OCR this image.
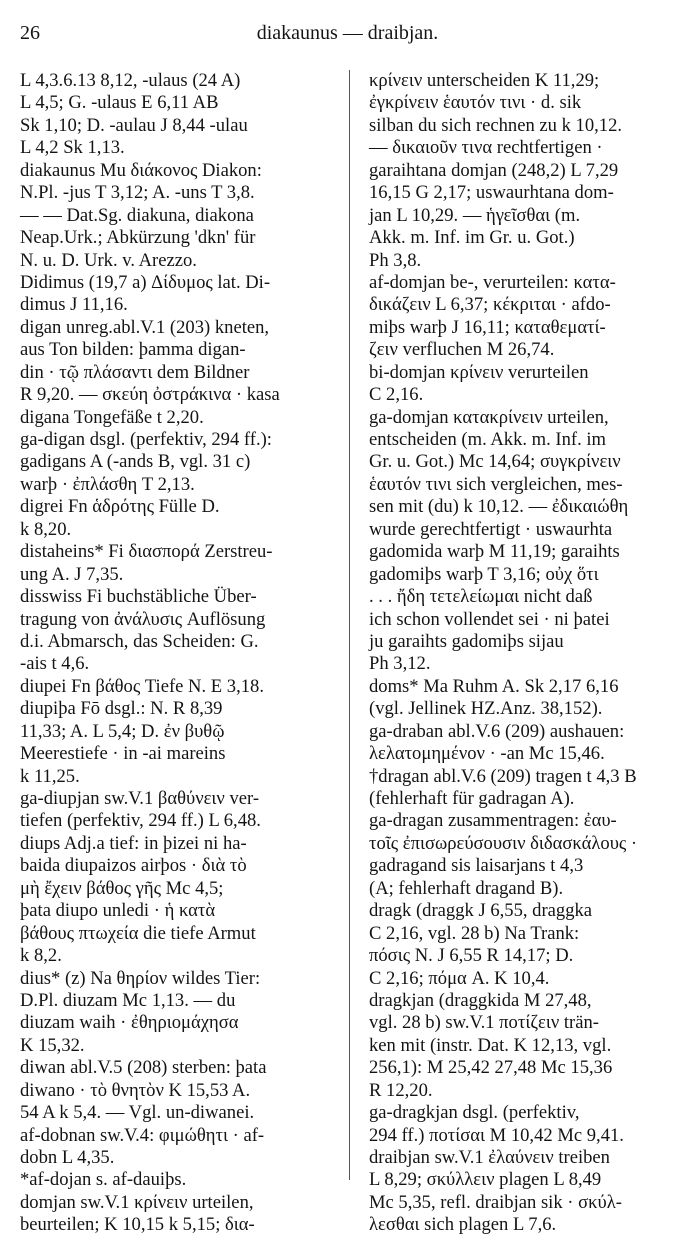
26	diakaunus — draibjan.
L 4,3.6.13 8,12, -ulaus (24 A)
L 4,5; G. -ulaus E 6,11 AB
Sk 1,10; D. -aulau J 8,44 -ulau
L 4,2 Sk 1,13.
diakaunus Mu διάκονος Diakon:
N.Pl. -jus T 3,12; A. -uns T 3,8.
— — Dat.Sg. diakuna, diakona
Neap.Urk.; Abkürzung 'dkn' für
N. u. D. Urk. v. Arezzo.
Didimus (19,7 a) Δίδυμος lat. Di-
dimus J 11,16.
digan unreg.abl.V.1 (203) kneten,
aus Ton bilden: þamma digan-
din · τῷ πλάσαντι dem Bildner
R 9,20. — σκεύη ὀστράκινα · kasa
digana Tongefäße t 2,20.
ga-digan dsgl. (perfektiv, 294 ff.):
gadigans A (-ands B, vgl. 31 c)
warþ · ἐπλάσθη T 2,13.
digrei Fn ἁδρότης Fülle D.
k 8,20.
distaheins* Fi διασπορά Zerstreu-
ung A. J 7,35.
disswiss Fi buchstäbliche Über-
tragung von ἀνάλυσις Auflösung
d.i. Abmarsch, das Scheiden: G.
-ais t 4,6.
diupei Fn βάθος Tiefe N. E 3,18.
diupiþa Fō dsgl.: N. R 8,39
11,33; A. L 5,4; D. ἐν βυθῷ
Meerestiefe · in -ai mareins
k 11,25.
ga-diupjan sw.V.1 βαθύνειν ver-
tiefen (perfektiv, 294 ff.) L 6,48.
diups Adj.a tief: in þizei ni ha-
baida diupaizos airþos · διὰ τὸ
μὴ ἔχειν βάθος γῆς Mc 4,5;
þata diupo unledi · ἡ κατὰ
βάθους πτωχεία die tiefe Armut
k 8,2.
dius* (z) Na θηρίον wildes Tier:
D.Pl. diuzam Mc 1,13. — du
diuzam waih · ἐθηριομάχησα
K 15,32.
diwan abl.V.5 (208) sterben: þata
diwano · τὸ θνητὸν K 15,53 A.
54 A k 5,4. — Vgl. un-diwanei.
af-dobnan sw.V.4: φιμώθητι · af-
dobn L 4,35.
*af-dojan s. af-dauiþs.
domjan sw.V.1 κρίνειν urteilen,
beurteilen; K 10,15 k 5,15; δια-
κρίνειν unterscheiden K 11,29;
ἐγκρίνειν ἑαυτόν τινι · d. sik
silban du sich rechnen zu k 10,12.
— δικαιοῦν τινα rechtfertigen ·
garaihtana domjan (248,2) L 7,29
16,15 G 2,17; uswaurhtana dom-
jan L 10,29. — ἡγεῖσθαι (m.
Akk. m. Inf. im Gr. u. Got.)
Ph 3,8.
af-domjan be-, verurteilen: κατα-
δικάζειν L 6,37; κέκριται · afdo-
miþs warþ J 16,11; καταθεματί-
ζειν verfluchen M 26,74.
bi-domjan κρίνειν verurteilen
C 2,16.
ga-domjan κατακρίνειν urteilen,
entscheiden (m. Akk. m. Inf. im
Gr. u. Got.) Mc 14,64; συγκρίνειν
ἑαυτόν τινι sich vergleichen, mes-
sen mit (du) k 10,12. — ἐδικαιώθη
wurde gerechtfertigt · uswaurhta
gadomida warþ M 11,19; garaihts
gadomiþs warþ T 3,16; οὐχ ὅτι
. . . ἤδη τετελείωμαι nicht daß
ich schon vollendet sei · ni þatei
ju garaihts gadomiþs sijau
Ph 3,12.
doms* Ma Ruhm A. Sk 2,17 6,16
(vgl. Jellinek HZ.Anz. 38,152).
ga-draban abl.V.6 (209) aushauen:
λελατομημένον · -an Mc 15,46.
†dragan abl.V.6 (209) tragen t 4,3 B
(fehlerhaft für gadragan A).
ga-dragan zusammentragen: ἐαυ-
τοῖς ἐπισωρεύσουσιν διδασκάλους ·
gadragand sis laisarjans t 4,3
(A; fehlerhaft dragand B).
dragk (draggk J 6,55, draggka
C 2,16, vgl. 28 b) Na Trank:
πόσις N. J 6,55 R 14,17; D.
C 2,16; πόμα A. K 10,4.
dragkjan (draggkida M 27,48,
vgl. 28 b) sw.V.1 ποτίζειν trän-
ken mit (instr. Dat. K 12,13, vgl.
256,1): M 25,42 27,48 Mc 15,36
R 12,20.
ga-dragkjan dsgl. (perfektiv,
294 ff.) ποτίσαι M 10,42 Mc 9,41.
draibjan sw.V.1 ἐλαύνειν treiben
L 8,29; σκύλλειν plagen L 8,49
Mc 5,35, refl. draibjan sik · σκύλ-
λεσθαι sich plagen L 7,6.
